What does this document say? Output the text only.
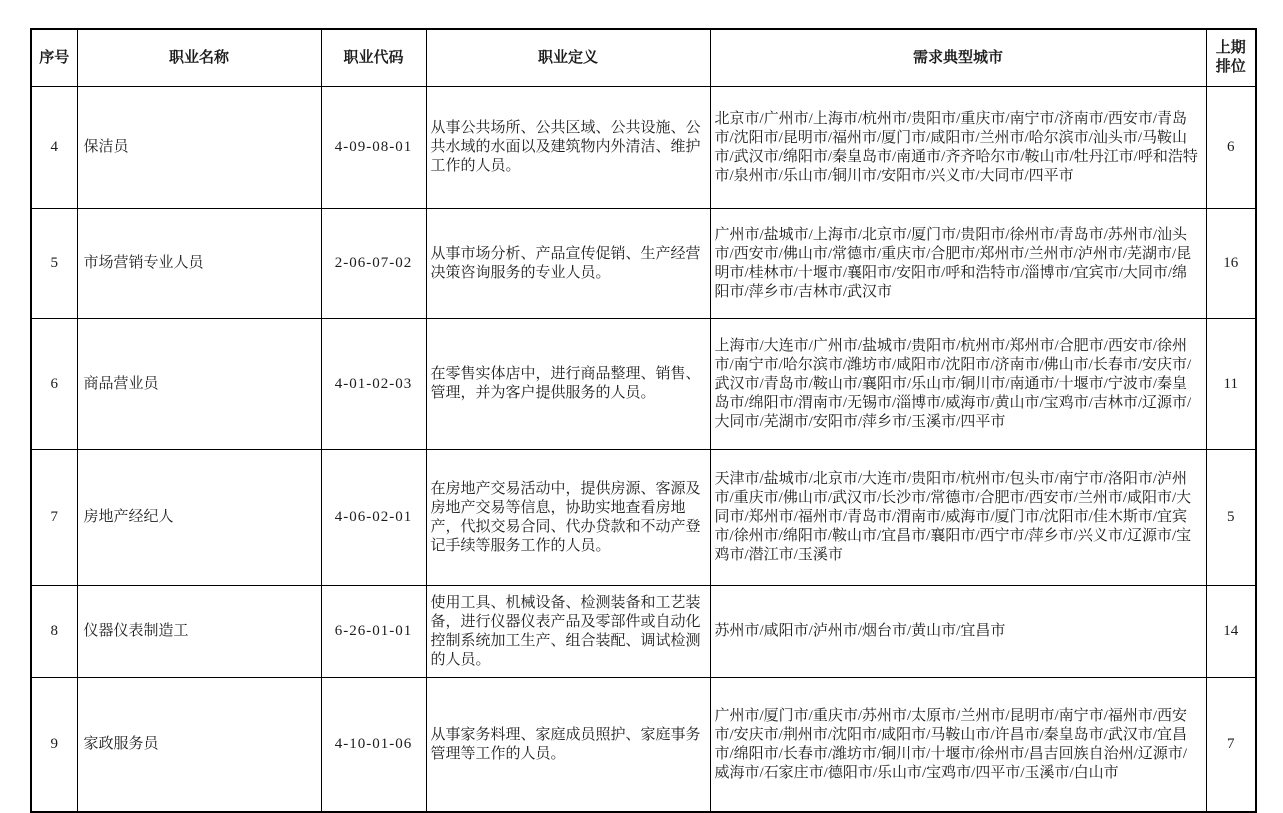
序号	职业名称	职业代码	职业定义	需求典型城市	上期排位
4	保洁员	4-09-08-01	从事公共场所、公共区域、公共设施、公共水域的水面以及建筑物内外清洁、维护工作的人员。	北京市/广州市/上海市/杭州市/贵阳市/重庆市/南宁市/济南市/西安市/青岛市/沈阳市/昆明市/福州市/厦门市/咸阳市/兰州市/哈尔滨市/汕头市/马鞍山市/武汉市/绵阳市/秦皇岛市/南通市/齐齐哈尔市/鞍山市/牡丹江市/呼和浩特市/泉州市/乐山市/铜川市/安阳市/兴义市/大同市/四平市	6
5	市场营销专业人员	2-06-07-02	从事市场分析、产品宣传促销、生产经营决策咨询服务的专业人员。	广州市/盐城市/上海市/北京市/厦门市/贵阳市/徐州市/青岛市/苏州市/汕头市/西安市/佛山市/常德市/重庆市/合肥市/郑州市/兰州市/泸州市/芜湖市/昆明市/桂林市/十堰市/襄阳市/安阳市/呼和浩特市/淄博市/宜宾市/大同市/绵阳市/萍乡市/吉林市/武汉市	16
6	商品营业员	4-01-02-03	在零售实体店中，进行商品整理、销售、管理，并为客户提供服务的人员。	上海市/大连市/广州市/盐城市/贵阳市/杭州市/郑州市/合肥市/西安市/徐州市/南宁市/哈尔滨市/潍坊市/咸阳市/沈阳市/济南市/佛山市/长春市/安庆市/武汉市/青岛市/鞍山市/襄阳市/乐山市/铜川市/南通市/十堰市/宁波市/秦皇岛市/绵阳市/渭南市/无锡市/淄博市/威海市/黄山市/宝鸡市/吉林市/辽源市/大同市/芜湖市/安阳市/萍乡市/玉溪市/四平市	11
7	房地产经纪人	4-06-02-01	在房地产交易活动中，提供房源、客源及房地产交易等信息，协助实地查看房地产，代拟交易合同、代办贷款和不动产登记手续等服务工作的人员。	天津市/盐城市/北京市/大连市/贵阳市/杭州市/包头市/南宁市/洛阳市/泸州市/重庆市/佛山市/武汉市/长沙市/常德市/合肥市/西安市/兰州市/咸阳市/大同市/郑州市/福州市/青岛市/渭南市/威海市/厦门市/沈阳市/佳木斯市/宜宾市/徐州市/绵阳市/鞍山市/宜昌市/襄阳市/西宁市/萍乡市/兴义市/辽源市/宝鸡市/潜江市/玉溪市	5
8	仪器仪表制造工	6-26-01-01	使用工具、机械设备、检测装备和工艺装备，进行仪器仪表产品及零部件或自动化控制系统加工生产、组合装配、调试检测的人员。	苏州市/咸阳市/泸州市/烟台市/黄山市/宜昌市	14
9	家政服务员	4-10-01-06	从事家务料理、家庭成员照护、家庭事务管理等工作的人员。	广州市/厦门市/重庆市/苏州市/太原市/兰州市/昆明市/南宁市/福州市/西安市/安庆市/荆州市/沈阳市/咸阳市/马鞍山市/许昌市/秦皇岛市/武汉市/宜昌市/绵阳市/长春市/潍坊市/铜川市/十堰市/徐州市/昌吉回族自治州/辽源市/威海市/石家庄市/德阳市/乐山市/宝鸡市/四平市/玉溪市/白山市	7
